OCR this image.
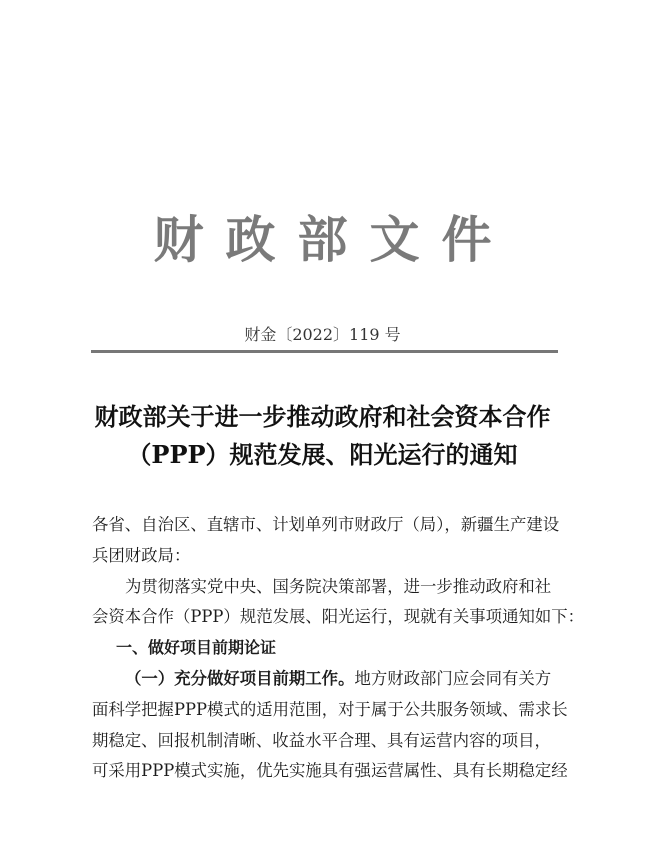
财政部文件
财金〔2022〕119 号
财政部关于进一步推动政府和社会资本合作
（PPP）规范发展、阳光运行的通知
各省、自治区、直辖市、计划单列市财政厅（局），新疆生产建设
兵团财政局：
为贯彻落实党中央、国务院决策部署，进一步推动政府和社
会资本合作（PPP）规范发展、阳光运行，现就有关事项通知如下：
一、做好项目前期论证
（一）充分做好项目前期工作。地方财政部门应会同有关方
面科学把握PPP模式的适用范围，对于属于公共服务领域、需求长
期稳定、回报机制清晰、收益水平合理、具有运营内容的项目，
可采用PPP模式实施，优先实施具有强运营属性、具有长期稳定经
